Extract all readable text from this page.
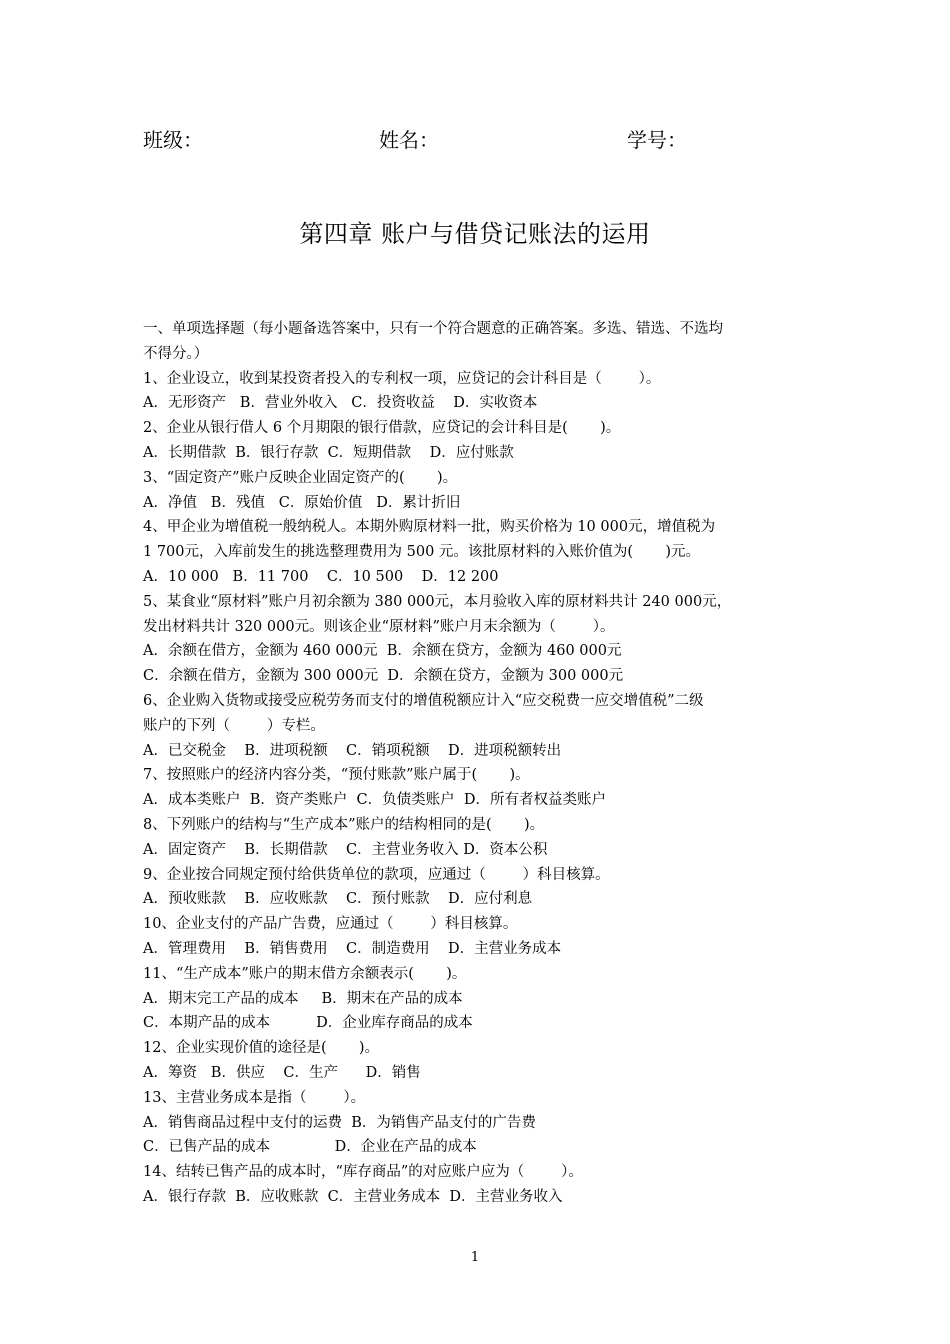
班级：	姓名：	学号：
第四章 账户与借贷记账法的运用
一、单项选择题（每小题备选答案中，只有一个符合题意的正确答案。多选、错选、不选均
不得分。）
1、企业设立，收到某投资者投入的专利权一项，应贷记的会计科目是（        ）。
A．无形资产   B．营业外收入   C．投资收益    D．实收资本
2、企业从银行借人 6 个月期限的银行借款，应贷记的会计科目是(       )。
A．长期借款  B．银行存款  C．短期借款    D．应付账款
3、“固定资产”账户反映企业固定资产的(       )。
A．净值   B．残值   C．原始价值   D．累计折旧
4、甲企业为增值税一般纳税人。本期外购原材料一批，购买价格为 10 000元，增值税为
1 700元，入库前发生的挑选整理费用为 500 元。该批原材料的入账价值为(       )元。
A．10 000   B．11 700    C．10 500    D．12 200
5、某食业“原材料”账户月初余额为 380 000元，本月验收入库的原材料共计 240 000元，
发出材料共计 320 000元。则该企业“原材料”账户月末余额为（        ）。
A．余额在借方，金额为 460 000元  B．余额在贷方，金额为 460 000元
C．余额在借方，金额为 300 000元  D．余额在贷方，金额为 300 000元
6、企业购入货物或接受应税劳务而支付的增值税额应计入“应交税费一应交增值税”二级
账户的下列（        ）专栏。
A．已交税金    B．进项税额    C．销项税额    D．进项税额转出
7、按照账户的经济内容分类，“预付账款”账户属于(       )。
A．成本类账户  B．资产类账户  C．负债类账户  D．所有者权益类账户
8、下列账户的结构与“生产成本”账户的结构相同的是(       )。
A．固定资产    B．长期借款    C．主营业务收入 D．资本公积
9、企业按合同规定预付给供货单位的款项，应通过（        ）科目核算。
A．预收账款    B．应收账款    C．预付账款    D．应付利息
10、企业支付的产品广告费，应通过（        ）科目核算。
A．管理费用    B．销售费用    C．制造费用    D．主营业务成本
11、“生产成本”账户的期末借方余额表示(       )。
A．期末完工产品的成本     B．期末在产品的成本
C．本期产品的成本          D．企业库存商品的成本
12、企业实现价值的途径是(       )。
A．筹资   B．供应    C．生产      D．销售
13、主营业务成本是指（        ）。
A．销售商品过程中支付的运费  B．为销售产品支付的广告费
C．已售产品的成本              D．企业在产品的成本
14、结转已售产品的成本时，“库存商品”的对应账户应为（        ）。
A．银行存款  B．应收账款  C．主营业务成本  D．主营业务收入
1
